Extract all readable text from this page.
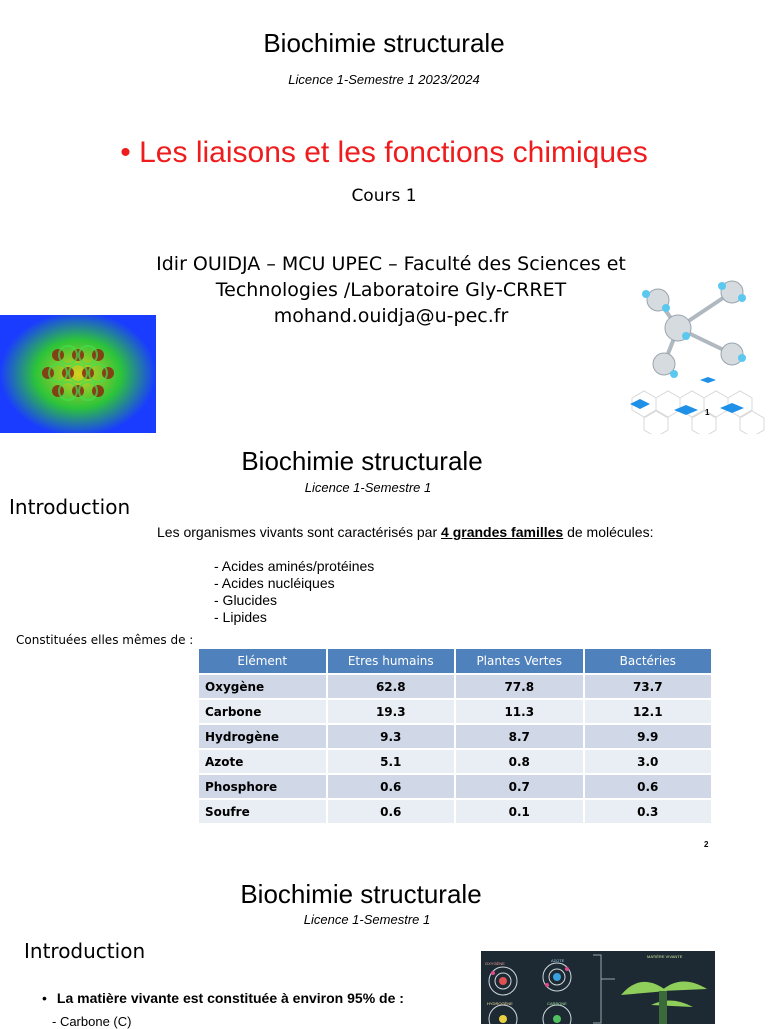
Biochimie structurale
Licence 1-Semestre 1 2023/2024
• Les liaisons et les fonctions chimiques
Cours 1
Idir OUIDJA – MCU UPEC – Faculté des Sciences et
Technologies /Laboratoire Gly-CRRET
mohand.ouidja@u-pec.fr
1
Biochimie structurale
Licence 1-Semestre 1
Introduction
Les organismes vivants sont caractérisés par 4 grandes familles de molécules:
- Acides aminés/protéines
- Acides nucléiques
- Glucides
- Lipides
Constituées elles mêmes de :
Elément	Etres humains	Plantes Vertes	Bactéries
Oxygène	62.8	77.8	73.7
Carbone	19.3	11.3	12.1
Hydrogène	9.3	8.7	9.9
Azote	5.1	0.8	3.0
Phosphore	0.6	0.7	0.6
Soufre	0.6	0.1	0.3
2
Biochimie structurale
Licence 1-Semestre 1
Introduction
• La matière vivante est constituée à environ 95% de :
- Carbone (C)
OXYGÈNE
AZOTE
MATIÈRE VIVANTE
HYDROGÈNE	CARBONE
